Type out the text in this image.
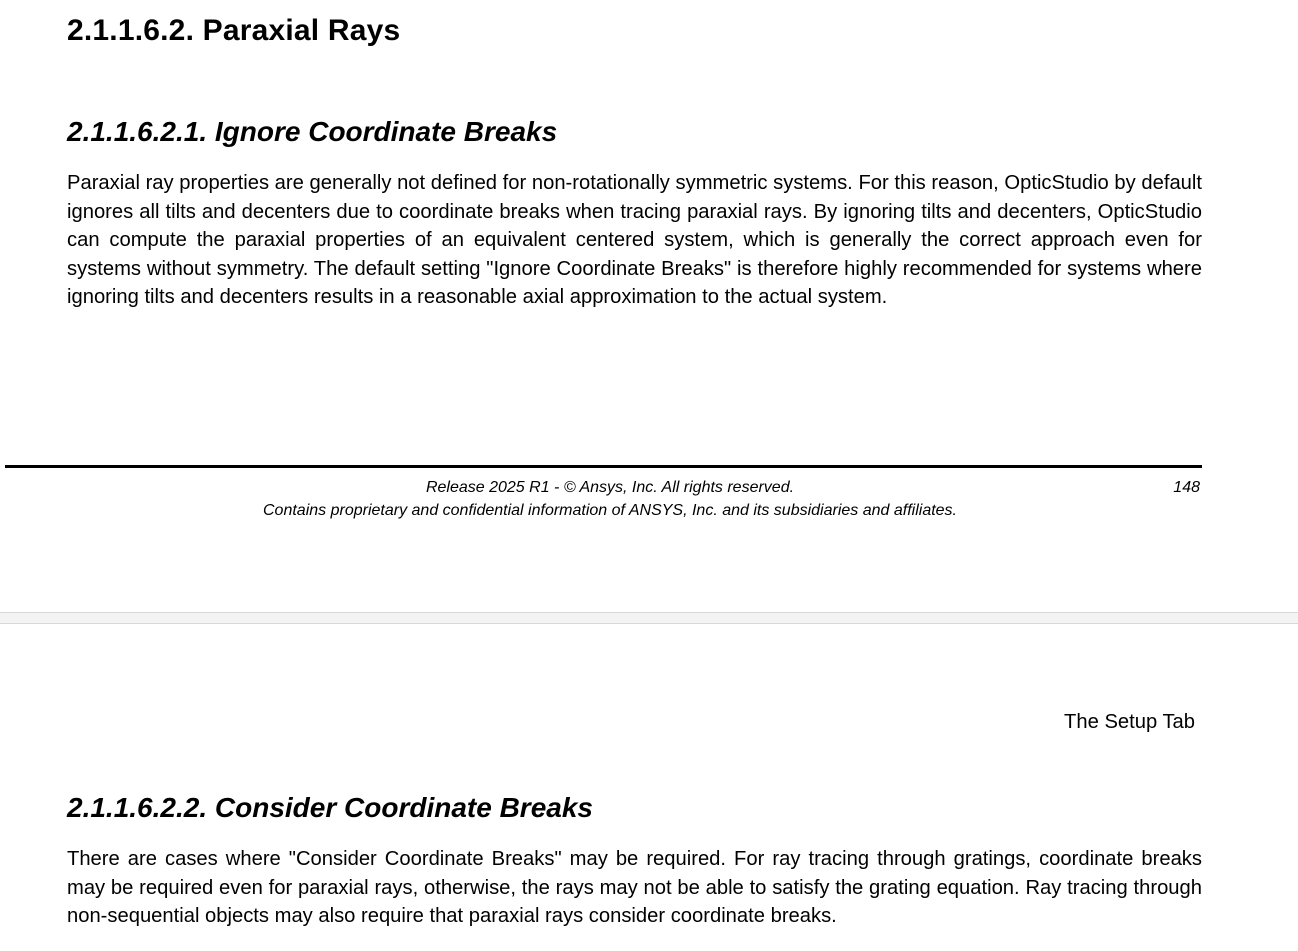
2.1.1.6.2. Paraxial Rays
2.1.1.6.2.1. Ignore Coordinate Breaks

Paraxial ray properties are generally not defined for non-rotationally symmetric systems. For this reason, OpticStudio by default ignores all tilts and decenters due to coordinate breaks when tracing paraxial rays. By ignoring tilts and decenters, OpticStudio can compute the paraxial properties of an equivalent centered system, which is generally the correct approach even for systems without symmetry. The default setting "Ignore Coordinate Breaks" is therefore highly recommended for systems where ignoring tilts and decenters results in a reasonable axial approximation to the actual system.

Release 2025 R1 - © Ansys, Inc. All rights reserved.
Contains proprietary and confidential information of ANSYS, Inc. and its subsidiaries and affiliates.
148
The Setup Tab
2.1.1.6.2.2. Consider Coordinate Breaks

There are cases where "Consider Coordinate Breaks" may be required. For ray tracing through gratings, coordinate breaks may be required even for paraxial rays, otherwise, the rays may not be able to satisfy the grating equation. Ray tracing through non-sequential objects may also require that paraxial rays consider coordinate breaks.
